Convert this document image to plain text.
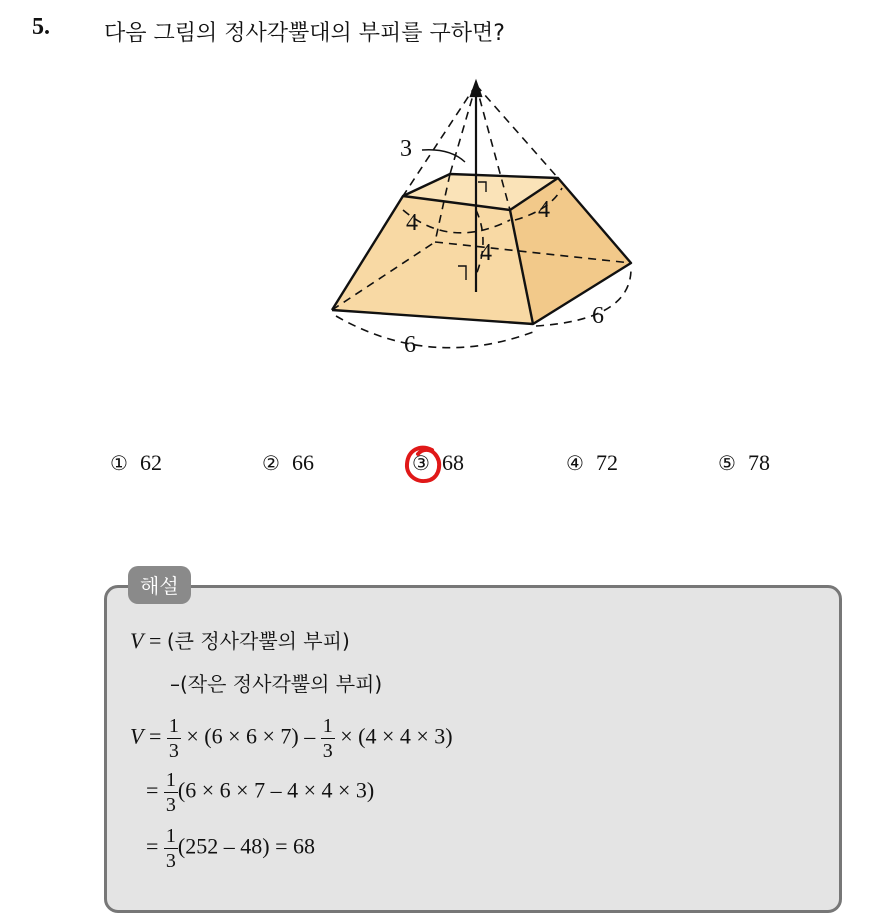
5. 다음 그림의 정사각뿔대의 부피를 구하면?
3
4	4
4
6
6
① 62	② 66	③ 68	④ 72	⑤ 78
해설
V = (큰 정사각뿔의 부피)
–(작은 정사각뿔의 부피)
$V = \frac{1}{3} \times (6 \times 6 \times 7) - \frac{1}{3} \times (4 \times 4 \times 3)$
= $\frac{1}{3} (6 \times 6 \times 7 - 4 \times 4 \times 3)$
= $\frac{1}{3} (252 - 48) = 68$
